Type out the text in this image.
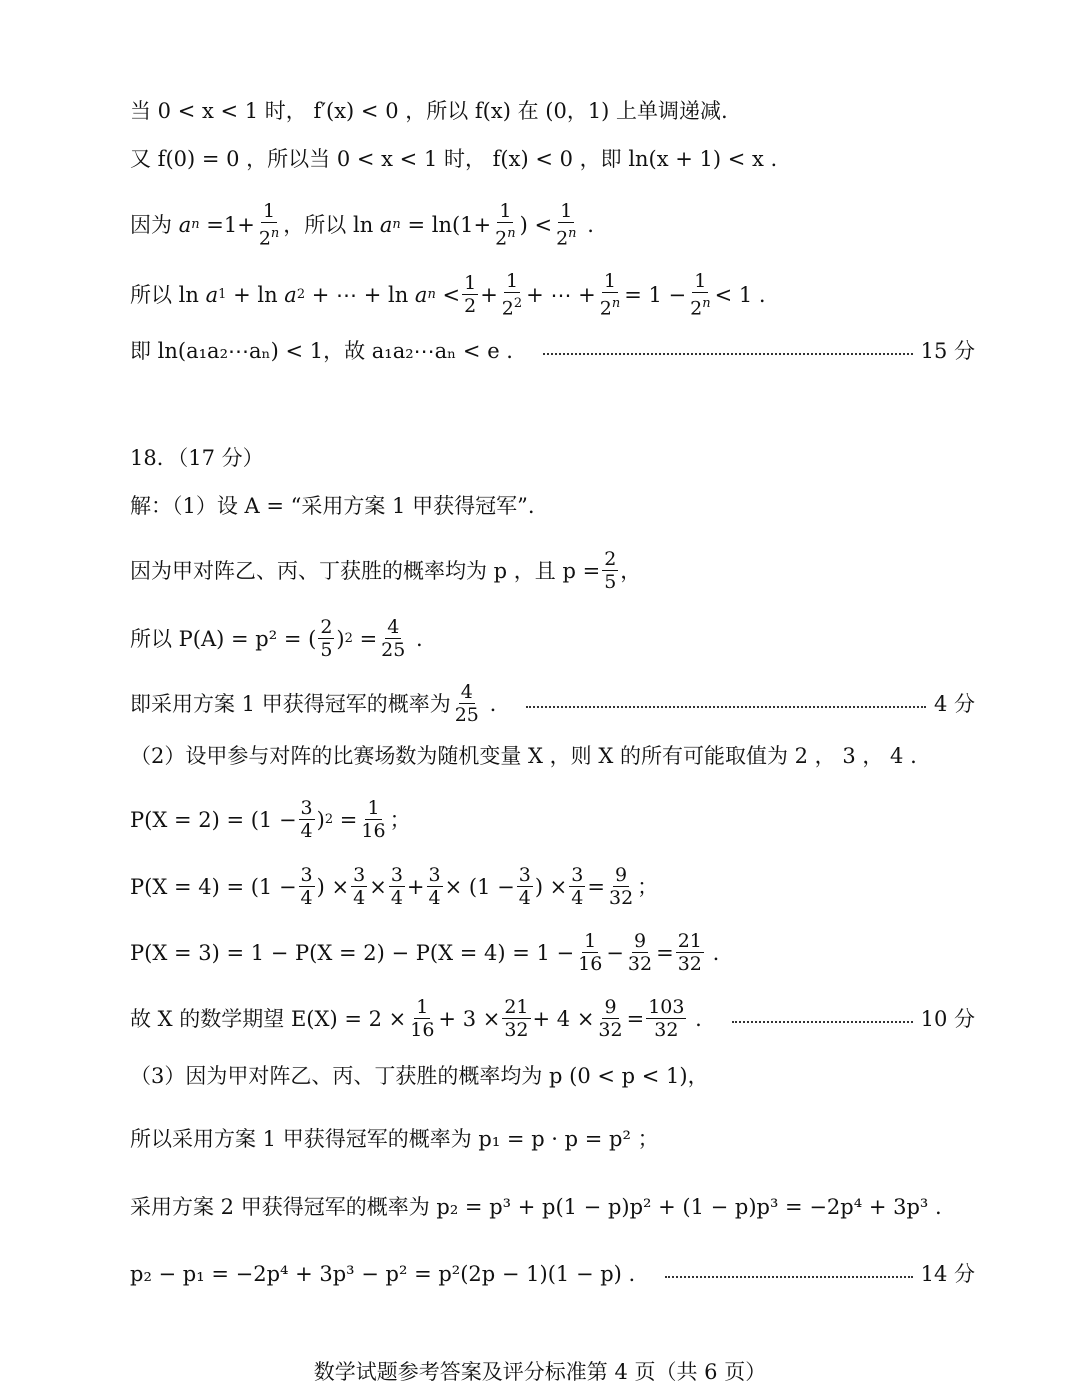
当 0 < x < 1 时， f′(x) < 0 ，所以 f(x) 在 (0，1) 上单调递减.
又 f(0) = 0 ，所以当 0 < x < 1 时， f(x) < 0 ，即 ln(x + 1) < x .
因为
a $n =1+ \frac{1}{2^n}$ ，所以 ln a $n = \ln(1+ \frac{1}{2^n}$ ) < $\frac{1}{2^n}$ .
所以 ln a 1 + ln a 2 + ⋯ + ln a $n < \frac{1}{2} + \frac{1}{2^2}$ + ⋯ + $\frac{1}{2^n} = 1 - \frac{1}{2^n} < 1$ .
即 ln(a₁a₂⋯aₙ) < 1，故 a₁a₂⋯aₙ < e .	15 分
18．（17 分）
解：（1）设 A = “采用方案 1 甲获得冠军”.
因为甲对阵乙、丙、丁获胜的概率均为 p ，且 $p = \frac{2}{5}$ ，
所以 P(A) = p² = ( $\frac{2}{5}$ ) $2 = \frac{4}{25}$ .
即采用方案 1 甲获得冠军的概率为 $\frac{4}{25}$ .	4 分
（2）设甲参与对阵的比赛场数为随机变量 X ，则 X 的所有可能取值为 2 ， 3 ， 4 .
$P(X = 2) = (1 - \frac{3}{4}$ ) $2 = \frac{1}{16}$ ；
$P(X = 4) = (1 - \frac{3}{4}$ ) × $\frac{3}{4} \times \frac{3}{4} + \frac{3}{4} \times (1 - \frac{3}{4}$ ) × $\frac{3}{4} = \frac{9}{32}$ ；
$P(X = 3) = 1 - P(X = 2) - P(X = 4) = 1 - \frac{1}{16} - \frac{9}{32} = \frac{21}{32}$ .
故 X 的数学期望 $E(X) = 2 \times \frac{1}{16} + 3 \times \frac{21}{32} + 4 \times \frac{9}{32} = \frac{103}{32}$ .	10 分
（3）因为甲对阵乙、丙、丁获胜的概率均为 p (0 < p < 1)，
所以采用方案 1 甲获得冠军的概率为 p₁ = p · p = p² ；
采用方案 2 甲获得冠军的概率为 p₂ = p³ + p(1 − p)p² + (1 − p)p³ = −2p⁴ + 3p³ .
p₂ − p₁ = −2p⁴ + 3p³ − p² = p²(2p − 1)(1 − p) .	14 分
数学试题参考答案及评分标准第 4 页（共 6 页）
